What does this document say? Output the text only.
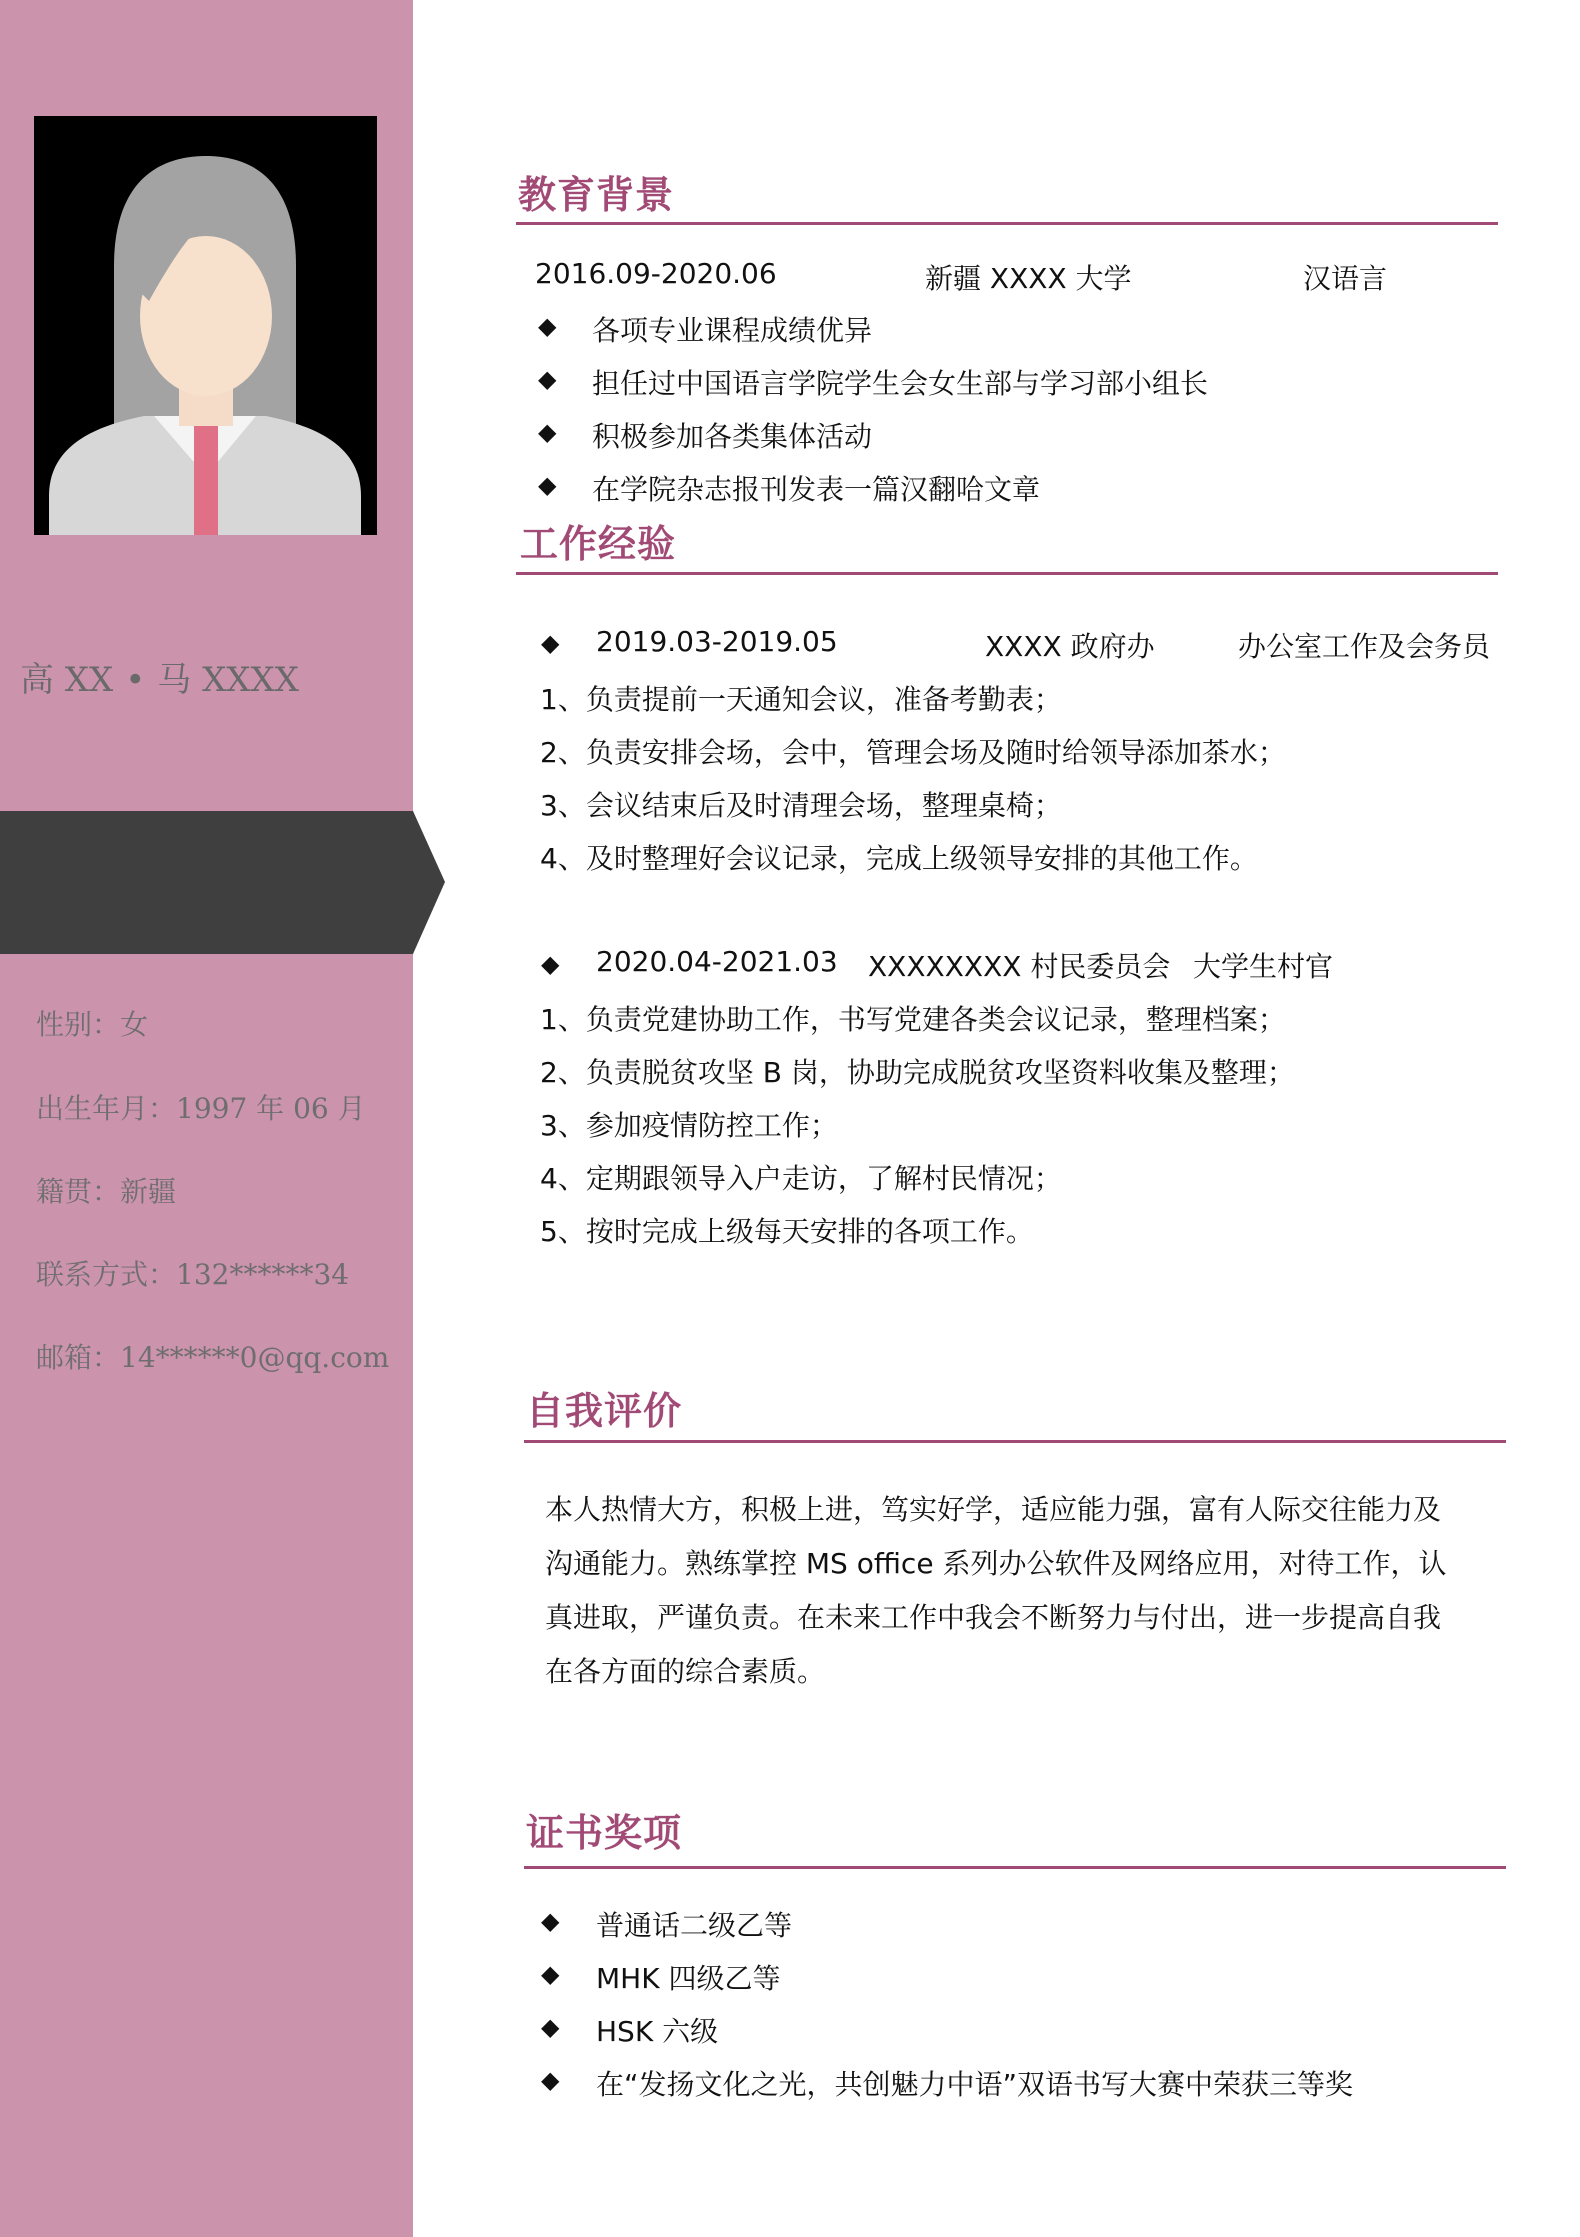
高 XX • 马 XXXX
性别：女
出生年月：1997 年 06 月
籍贯：新疆
联系方式：132******34
邮箱：14******0@qq.com
教育背景
2016.09-2020.06	新疆 XXXX 大学	汉语言
◆ 各项专业课程成绩优异
◆ 担任过中国语言学院学生会女生部与学习部小组长
◆ 积极参加各类集体活动
◆ 在学院杂志报刊发表一篇汉翻哈文章
工作经验
◆ 2019.03-2019.05	XXXX 政府办	办公室工作及会务员
1、负责提前一天通知会议，准备考勤表；
2、负责安排会场，会中，管理会场及随时给领导添加茶水；
3、会议结束后及时清理会场，整理桌椅；
4、及时整理好会议记录，完成上级领导安排的其他工作。
◆ 2020.04-2021.03 XXXXXXXX 村民委员会 大学生村官
1、负责党建协助工作，书写党建各类会议记录，整理档案；
2、负责脱贫攻坚 B 岗，协助完成脱贫攻坚资料收集及整理；
3、参加疫情防控工作；
4、定期跟领导入户走访，了解村民情况；
5、按时完成上级每天安排的各项工作。
自我评价
本人热情大方，积极上进，笃实好学，适应能力强，富有人际交往能力及
沟通能力。熟练掌控 MS office 系列办公软件及网络应用，对待工作，认
真进取，严谨负责。在未来工作中我会不断努力与付出，进一步提高自我
在各方面的综合素质。
证书奖项
◆ 普通话二级乙等
◆ MHK 四级乙等
◆ HSK 六级
◆ 在“发扬文化之光，共创魅力中语”双语书写大赛中荣获三等奖
